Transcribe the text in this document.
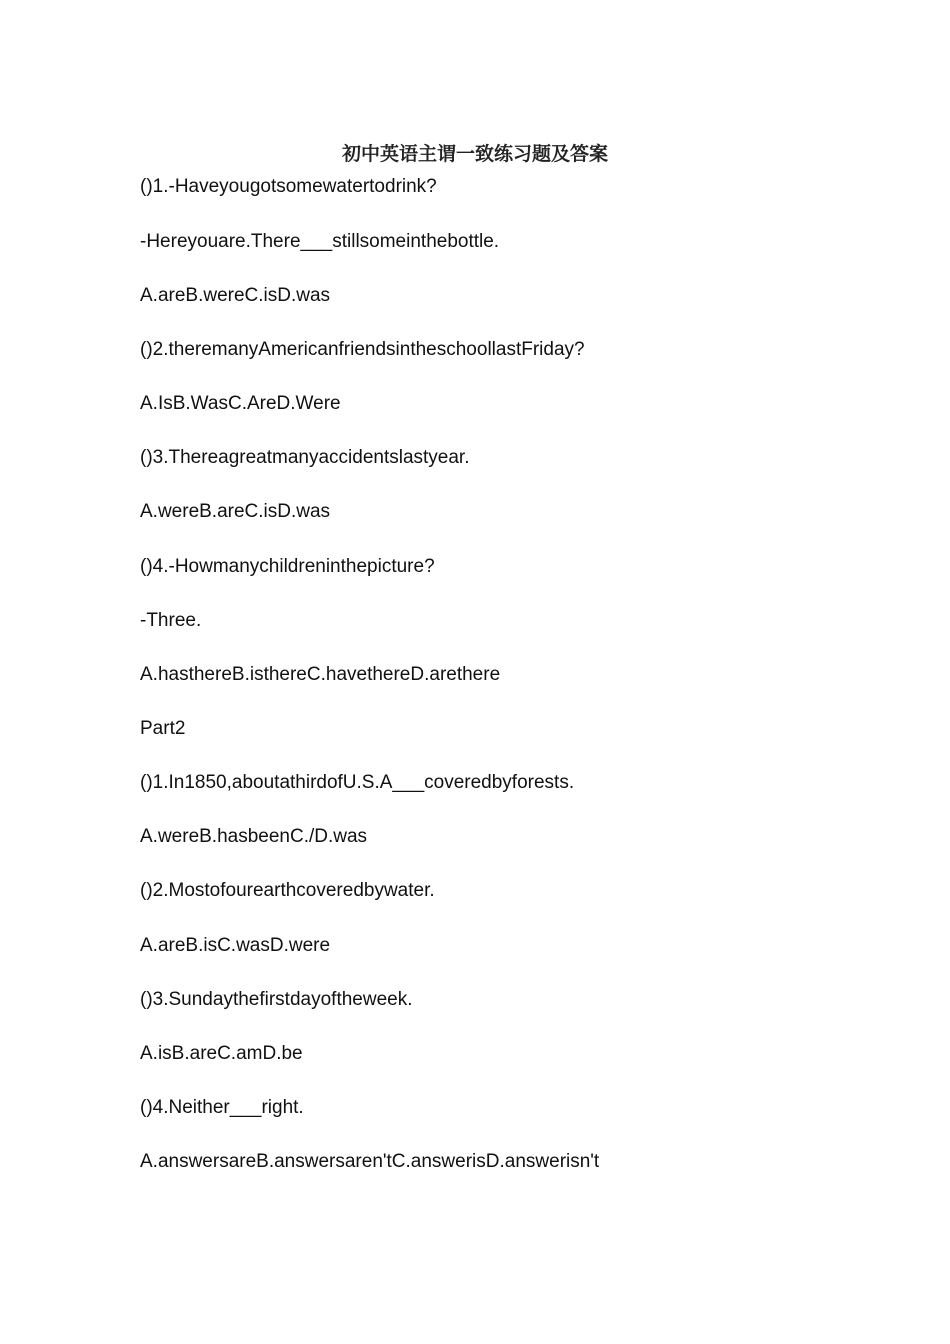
初中英语主谓一致练习题及答案

()1.-Haveyougotsomewatertodrink?

-Hereyouare.There___stillsomeinthebottle.

A.areB.wereC.isD.was

()2.theremanyAmericanfriendsintheschoollastFriday?

A.IsB.WasC.AreD.Were

()3.Thereagreatmanyaccidentslastyear.

A.wereB.areC.isD.was

()4.-Howmanychildreninthepicture?

-Three.

A.hasthereB.isthereC.havethereD.arethere

Part2

()1.In1850,aboutathirdofU.S.A___coveredbyforests.

A.wereB.hasbeenC./D.was

()2.Mostofourearthcoveredbywater.

A.areB.isC.wasD.were

()3.Sundaythefirstdayoftheweek.

A.isB.areC.amD.be

()4.Neither___right.

A.answersareB.answersaren'tC.answerisD.answerisn't
